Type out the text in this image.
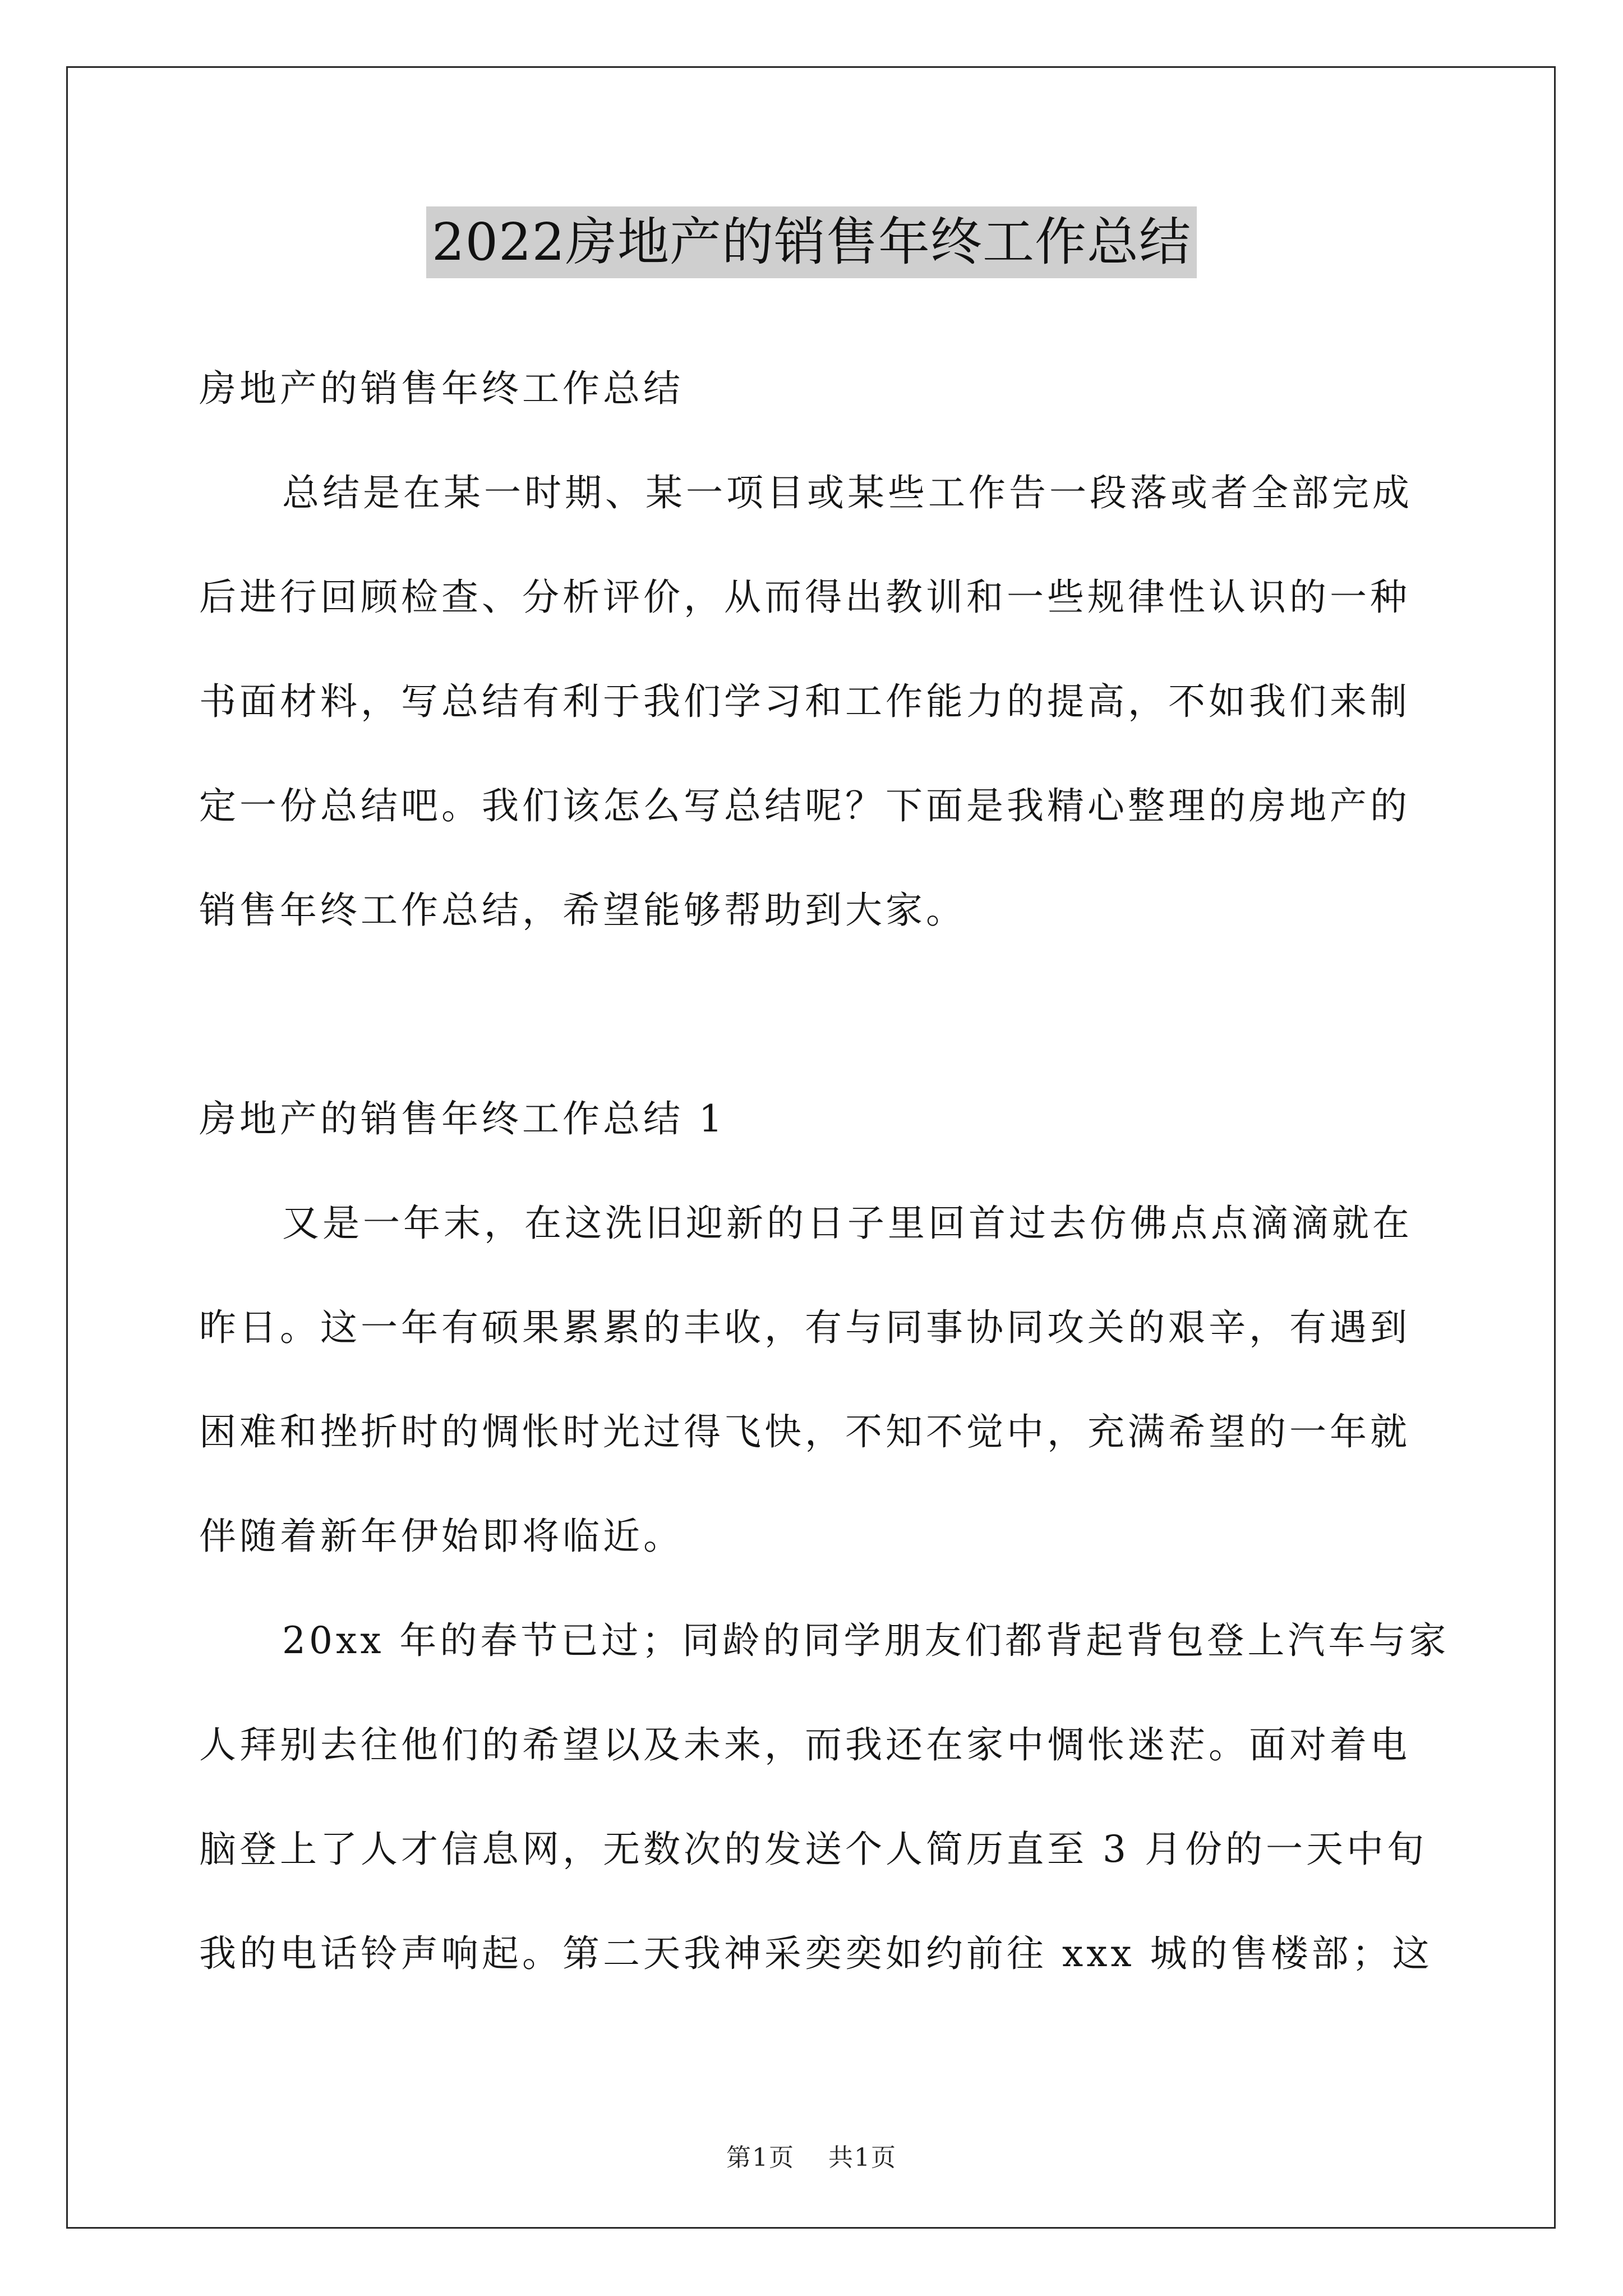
2022房地产的销售年终工作总结
房地产的销售年终工作总结
总结是在某一时期、某一项目或某些工作告一段落或者全部完成
后进行回顾检查、分析评价，从而得出教训和一些规律性认识的一种
书面材料，写总结有利于我们学习和工作能力的提高，不如我们来制
定一份总结吧。我们该怎么写总结呢？下面是我精心整理的房地产的
销售年终工作总结，希望能够帮助到大家。
房地产的销售年终工作总结 1
又是一年末，在这洗旧迎新的日子里回首过去仿佛点点滴滴就在
昨日。这一年有硕果累累的丰收，有与同事协同攻关的艰辛，有遇到
困难和挫折时的惆怅时光过得飞快，不知不觉中，充满希望的一年就
伴随着新年伊始即将临近。
20xx 年的春节已过；同龄的同学朋友们都背起背包登上汽车与家
人拜别去往他们的希望以及未来，而我还在家中惆怅迷茫。面对着电
脑登上了人才信息网，无数次的发送个人简历直至 3 月份的一天中旬
我的电话铃声响起。第二天我神采奕奕如约前往 xxx 城的售楼部；这
第1页 共1页
